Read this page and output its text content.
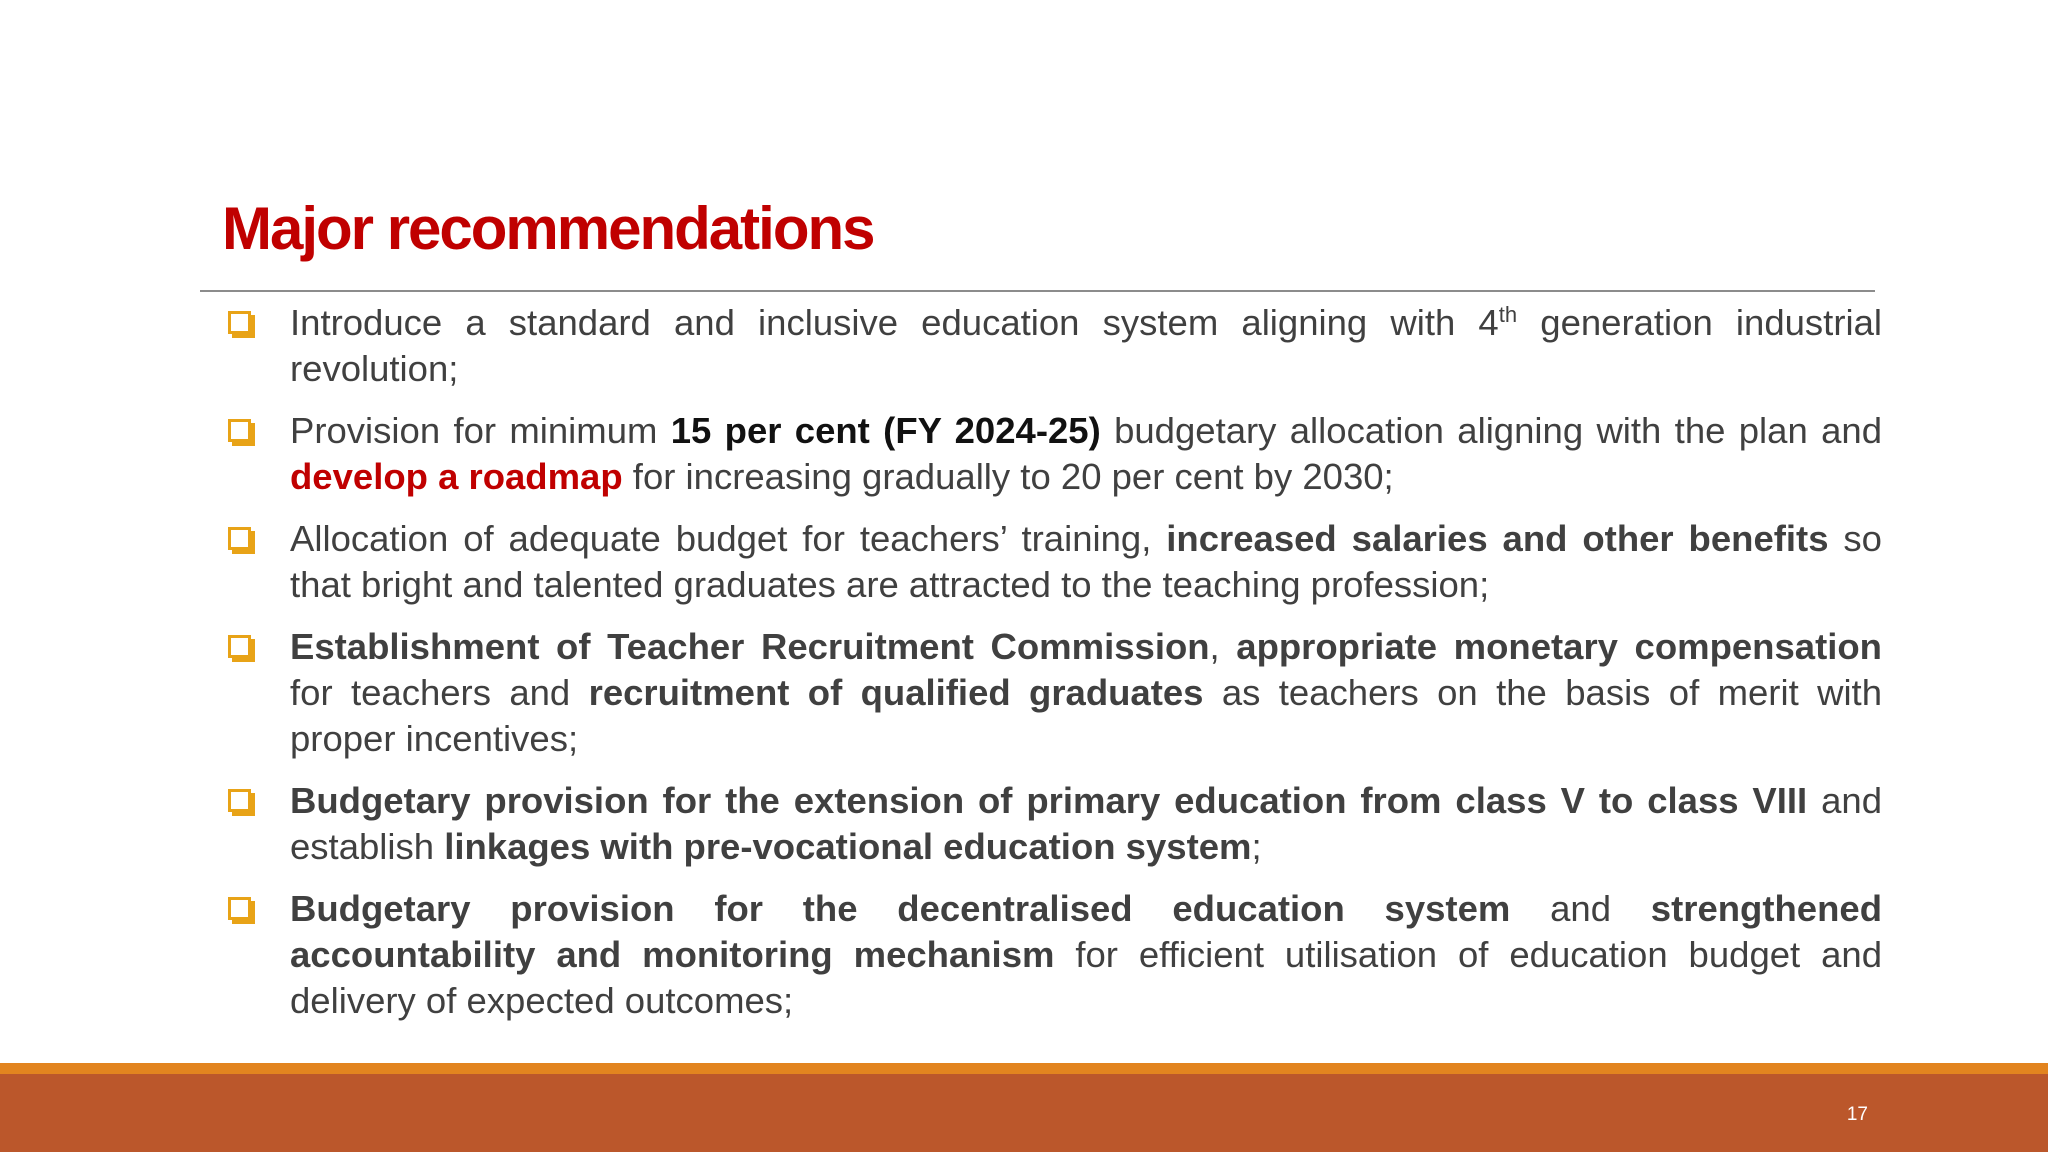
Major recommendations
Introduce a standard and inclusive education system aligning with 4th generation industrial revolution;
Provision for minimum 15 per cent (FY 2024-25) budgetary allocation aligning with the plan and develop a roadmap for increasing gradually to 20 per cent by 2030;
Allocation of adequate budget for teachers’ training, increased salaries and other benefits so that bright and talented graduates are attracted to the teaching profession;
Establishment of Teacher Recruitment Commission, appropriate monetary compensation for teachers and recruitment of qualified graduates as teachers on the basis of merit with proper incentives;
Budgetary provision for the extension of primary education from class V to class VIII and establish linkages with pre-vocational education system;
Budgetary provision for the decentralised education system and strengthened accountability and monitoring mechanism for efficient utilisation of education budget and delivery of expected outcomes;
17
